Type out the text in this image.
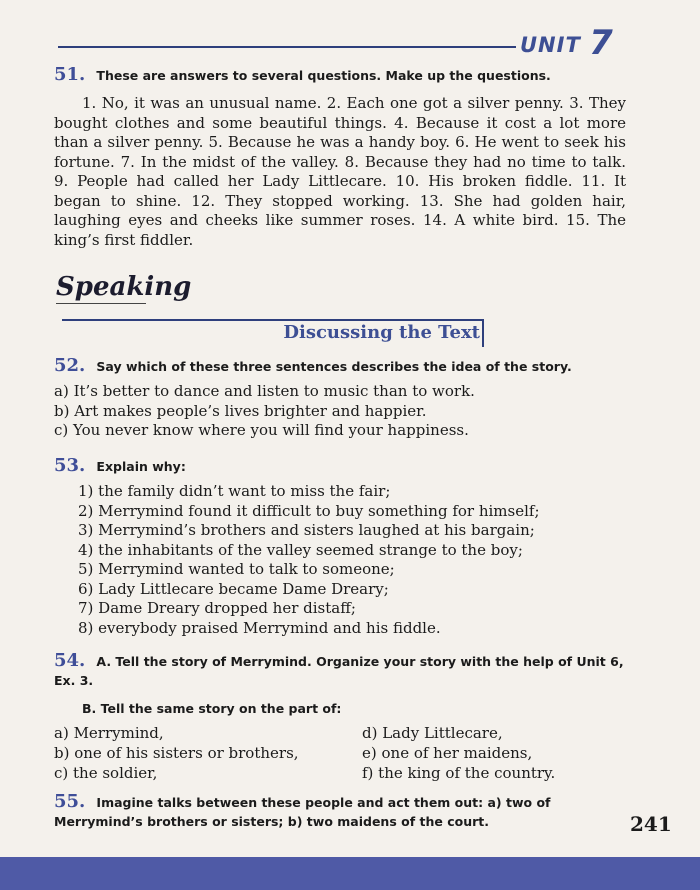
UNIT 7
51. These are answers to several questions. Make up the questions.
1. No, it was an unusual name. 2. Each one got a silver penny. 3. They bought clothes and some beautiful things. 4. Because it cost a lot more than a silver penny. 5. Because he was a handy boy. 6. He went to seek his fortune. 7. In the midst of the valley. 8. Because they had no time to talk. 9. People had called her Lady Littlecare. 10. His broken fiddle. 11. It began to shine. 12. They stopped working. 13. She had golden hair, laughing eyes and cheeks like summer roses. 14. A white bird. 15. The king’s first fiddler.
Speaking
Discussing the Text
52. Say which of these three sentences describes the idea of the story.
a) It’s better to dance and listen to music than to work.
b) Art makes people’s lives brighter and happier.
c) You never know where you will find your happiness.
53. Explain why:
1) the family didn’t want to miss the fair;
2) Merrymind found it difficult to buy something for himself;
3) Merrymind’s brothers and sisters laughed at his bargain;
4) the inhabitants of the valley seemed strange to the boy;
5) Merrymind wanted to talk to someone;
6) Lady Littlecare became Dame Dreary;
7) Dame Dreary dropped her distaff;
8) everybody praised Merrymind and his fiddle.
54. A. Tell the story of Merrymind. Organize your story with the help of Unit 6, Ex. 3.
B. Tell the same story on the part of:
a) Merrymind,
b) one of his sisters or brothers,
c) the soldier,
d) Lady Littlecare,
e) one of her maidens,
f) the king of the country.
55. Imagine talks between these people and act them out: a) two of Merrymind’s brothers or sisters; b) two maidens of the court.	241
